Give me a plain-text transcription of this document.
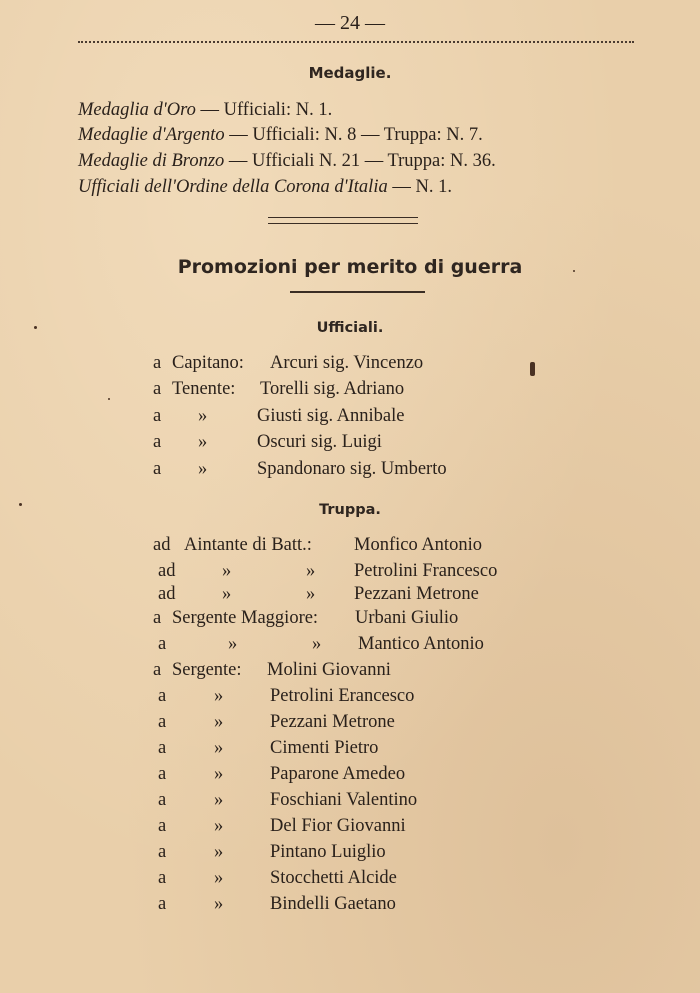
— 24 —
Medaglie.
Medaglia d'Oro — Ufficiali: N. 1.
Medaglie d'Argento — Ufficiali: N. 8 — Truppa: N. 7.
Medaglie di Bronzo — Ufficiali N. 21 — Truppa: N. 36.
Ufficiali dell'Ordine della Corona d'Italia — N. 1.
Promozioni per merito di guerra
Ufficiali.
a Capitano: Arcuri sig. Vincenzo
a Tenente: Torelli sig. Adriano
a »	Giusti sig. Annibale
a »	Oscuri sig. Luigi
a »	Spandonaro sig. Umberto
Truppa.
ad Aintante di Batt.: Monfico Antonio
ad	»	» Petrolini Francesco
ad	»	» Pezzani Metrone
a Sergente Maggiore: Urbani Giulio
a	»	» Mantico Antonio
a Sergente: Molini Giovanni
a	»	Petrolini Erancesco
a	»	Pezzani Metrone
a	»	Cimenti Pietro
a	»	Paparone Amedeo
a	»	Foschiani Valentino
a	»	Del Fior Giovanni
a	»	Pintano Luiglio
a	»	Stocchetti Alcide
a	»	Bindelli Gaetano
